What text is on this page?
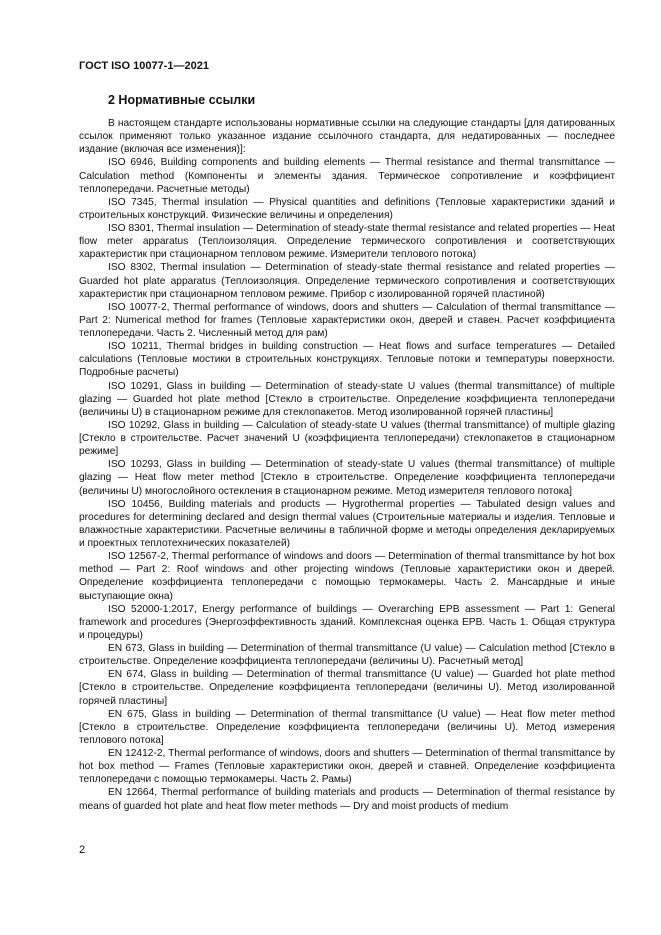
ГОСТ ISO 10077-1—2021
2 Нормативные ссылки

В настоящем стандарте использованы нормативные ссылки на следующие стандарты [для датированных ссылок применяют только указанное издание ссылочного стандарта, для недатированных — последнее издание (включая все изменения)]:

ISO 6946, Building components and building elements — Thermal resistance and thermal transmittance — Calculation method (Компоненты и элементы здания. Термическое сопротивление и коэффициент теплопередачи. Расчетные методы)

ISO 7345, Thermal insulation — Physical quantities and definitions (Тепловые характеристики зданий и строительных конструкций. Физические величины и определения)

ISO 8301, Thermal insulation — Determination of steady-state thermal resistance and related properties — Heat flow meter apparatus (Теплоизоляция. Определение термического сопротивления и соответствующих характеристик при стационарном тепловом режиме. Измерители теплового потока)

ISO 8302, Thermal insulation — Determination of steady-state thermal resistance and related properties — Guarded hot plate apparatus (Теплоизоляция. Определение термического сопротивления и соответствующих характеристик при стационарном тепловом режиме. Прибор с изолированной горячей пластиной)

ISO 10077-2, Thermal performance of windows, doors and shutters — Calculation of thermal transmittance — Part 2: Numerical method for frames (Тепловые характеристики окон, дверей и ставен. Расчет коэффициента теплопередачи. Часть 2. Численный метод для рам)

ISO 10211, Thermal bridges in building construction — Heat flows and surface temperatures — Detailed calculations (Тепловые мостики в строительных конструкциях. Тепловые потоки и температуры поверхности. Подробные расчеты)

ISO 10291, Glass in building — Determination of steady-state U values (thermal transmittance) of multiple glazing — Guarded hot plate method [Стекло в строительстве. Определение коэффициента теплопередачи (величины U) в стационарном режиме для стеклопакетов. Метод изолированной горячей пластины]

ISO 10292, Glass in building — Calculation of steady-state U values (thermal transmittance) of multiple glazing [Стекло в строительстве. Расчет значений U (коэффициента теплопередачи) стеклопакетов в стационарном режиме]

ISO 10293, Glass in building — Determination of steady-state U values (thermal transmittance) of multiple glazing — Heat flow meter method [Стекло в строительстве. Определение коэффициента теплопередачи (величины U) многослойного остекления в стационарном режиме. Метод измерителя теплового потока]

ISO 10456, Building materials and products — Hygrothermal properties — Tabulated design values and procedures for determining declared and design thermal values (Строительные материалы и изделия. Тепловые и влажностные характеристики. Расчетные величины в табличной форме и методы определения декларируемых и проектных теплотехнических показателей)

ISO 12567-2, Thermal performance of windows and doors — Determination of thermal transmittance by hot box method — Part 2: Roof windows and other projecting windows (Тепловые характеристики окон и дверей. Определение коэффициента теплопередачи с помощью термокамеры. Часть 2. Мансардные и иные выступающие окна)

ISO 52000-1:2017, Energy performance of buildings — Overarching EPB assessment — Part 1: General framework and procedures (Энергоэффективность зданий. Комплексная оценка EPB. Часть 1. Общая структура и процедуры)

EN 673, Glass in building — Determination of thermal transmittance (U value) — Calculation method [Стекло в строительстве. Определение коэффициента теплопередачи (величины U). Расчетный метод]

EN 674, Glass in building — Determination of thermal transmittance (U value) — Guarded hot plate method [Стекло в строительстве. Определение коэффициента теплопередачи (величины U). Метод изолированной горячей пластины]

EN 675, Glass in building — Determination of thermal transmittance (U value) — Heat flow meter method [Стекло в строительстве. Определение коэффициента теплопередачи (величины U). Метод измерения теплового потока]

EN 12412-2, Thermal performance of windows, doors and shutters — Determination of thermal transmittance by hot box method — Frames (Тепловые характеристики окон, дверей и ставней. Определение коэффициента теплопередачи с помощью термокамеры. Часть 2. Рамы)

EN 12664, Thermal performance of building materials and products — Determination of thermal resistance by means of guarded hot plate and heat flow meter methods — Dry and moist products of medium

2
